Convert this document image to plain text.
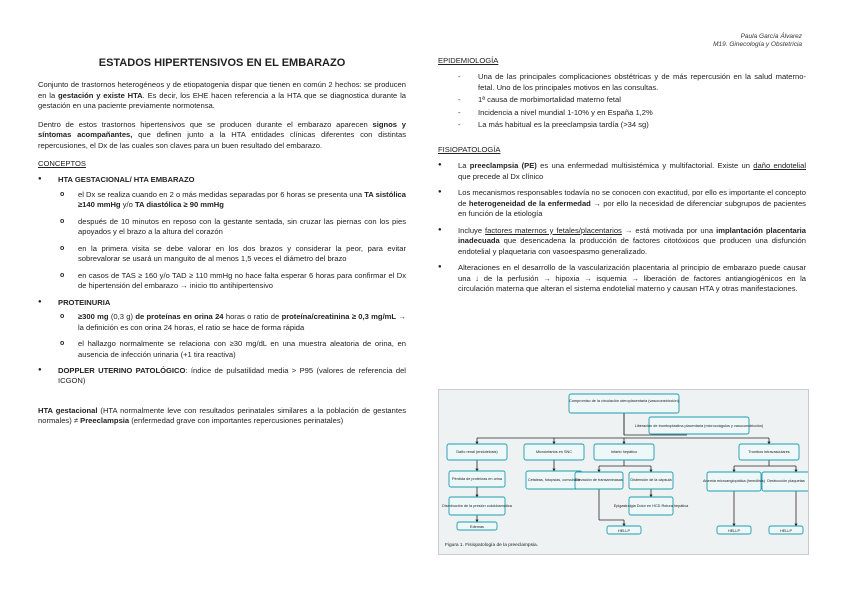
Paula García Álvarez
M19. Ginecología y Obstetricia
ESTADOS HIPERTENSIVOS EN EL EMBARAZO

Conjunto de trastornos heterogéneos y de etiopatogenia dispar que tienen en común 2 hechos: se producen en la gestación y existe HTA. Es decir, los EHE hacen referencia a la HTA que se diagnostica durante la gestación en una paciente previamente normotensa.

Dentro de estos trastornos hipertensivos que se producen durante el embarazo aparecen signos y síntomas acompañantes, que definen junto a la HTA entidades clínicas diferentes con distintas repercusiones, el Dx de las cuales son claves para un buen resultado del embarazo.

CONCEPTOS
● HTA GESTACIONAL/ HTA EMBARAZO
o el Dx se realiza cuando en 2 o más medidas separadas por 6 horas se presenta una TA sistólica ≥140 mmHg y/o TA diastólica ≥ 90 mmHg
o después de 10 minutos en reposo con la gestante sentada, sin cruzar las piernas con los pies apoyados y el brazo a la altura del corazón
o en la primera visita se debe valorar en los dos brazos y considerar la peor, para evitar sobrevalorar se usará un manguito de al menos 1,5 veces el diámetro del brazo
o en casos de TAS ≥ 160 y/o TAD ≥ 110 mmHg no hace falta esperar 6 horas para confirmar el Dx de hipertensión del embarazo → inicio tto antihipertensivo
● PROTEINURIA
o ≥300 mg (0,3 g) de proteínas en orina 24 horas o ratio de proteína/creatinina ≥ 0,3 mg/mL → la definición es con orina 24 horas, el ratio se hace de forma rápida
o el hallazgo normalmente se relaciona con ≥30 mg/dL en una muestra aleatoria de orina, en ausencia de infección urinaria (+1 tira reactiva)
● DOPPLER UTERINO PATOLÓGICO: índice de pulsatilidad media > P95 (valores de referencia del ICGON)

HTA gestacional (HTA normalmente leve con resultados perinatales similares a la población de gestantes normales) ≠ Preeclampsia (enfermedad grave con importantes repercusiones perinatales)

EPIDEMIOLOGÍA
- Una de las principales complicaciones obstétricas y de más repercusión en la salud materno-fetal. Uno de los principales motivos en las consultas.
- 1ª causa de morbimortalidad materno fetal
- Incidencia a nivel mundial 1-10% y en España 1,2%
- La más habitual es la preeclampsia tardía (>34 sg)
FISIOPATOLOGÍA
● La preeclampsia (PE) es una enfermedad multisistémica y multifactorial. Existe un daño endotelial que precede al Dx clínico
● Los mecanismos responsables todavía no se conocen con exactitud, por ello es importante el concepto de heterogeneidad de la enfermedad → por ello la necesidad de diferenciar subgrupos de pacientes en función de la etiología
● Incluye factores maternos y fetales/placentarios → está motivada por una implantación placentaria inadecuada que desencadena la producción de factores citotóxicos que producen una disfunción endotelial y plaquetaria con vasoespasmo generalizado.
● Alteraciones en el desarrollo de la vascularización placentaria al principio de embarazo puede causar una ↓ de la perfusión → hipoxia → isquemia → liberación de factores antiangiogénicos en la circulación materna que alteran el sistema endotelial materno y causan HTA y otras manifestaciones.
Compromiso de la circulación uteroplacentaria (vasoconstricción)
Liberación de tromboplastina placentaria (microcoágulos y vasoconstricción)
Daño renal (endotelosis)	Microinfartos en SNC	Infarto hepático	Trombos intravasculares
Pérdida de proteínas en orina
Disminución de la presión coloidosmótica
Edemas
Cefaleas, fotopsias, convulsión
Elevación de transaminasas Distensión de la cápsula
Epigastralgia Dolor en HCD Rotura hepática
HELLP
Anemia microangiopática (hemólisis) Destrucción plaquetas
HELLP	HELLP
Figura 1. Fisiopatología de la preeclampsia.
